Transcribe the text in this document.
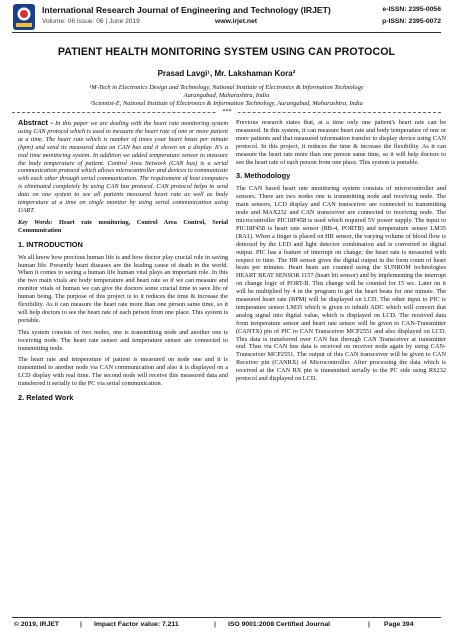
International Research Journal of Engineering and Technology (IRJET)
Volume: 06 Issue: 06 | June 2019	www.irjet.net
e-ISSN: 2395-0056
p-ISSN: 2395-0072
PATIENT HEALTH MONITORING SYSTEM USING CAN PROTOCOL
Prasad Lavgi¹, Mr. Lakshaman Kora²
¹M-Tech in Electronics Design and Technology, National Institute of Electronics & Information Technology
Aurangabad, Maharashtra, India
²Scientist-E, National Institute of Electronics & Information Technology, Aurangabad, Maharashtra, India
***

Abstract - In this paper we are dealing with the heart rate monitoring system using CAN protocol which is used to measure the heart rate of one or more patient at a time. The heart rate which is number of times your heart beats per minute (bpm) and send its measured data on CAN bus and it shown on a display. It's a real time monitoring system. In addition we added temperature sensor to measure the body temperature of patient. Control Area Network (CAN bus) is a serial communication protocol which allows microcontroller and devices to communicate with each other through serial communication. The requirement of host computers is eliminated completely by using CAN bus protocol. CAN protocol helps to send data on one system to see all patients measured heart rate as well as body temperature at a time on single monitor by using serial communication using UART.

Key Words: Heart rate monitoring, Control Area Control, Serial Communication

1. INTRODUCTION

We all know how precious human life is and how doctor play crucial role in saving human life. Presently heart diseases are the leading cause of death in the world. When it comes to saving a human life human vital plays an important role. In this the two main vitals are body temperature and heart rate so if we can measure and monitor vitals of human we can give the doctors some crucial time to save life of human being. The purpose of this project is to it reduces the time & increase the flexibility. As it can measure the heart rate more than one person same time, so it will help doctors to see the heart rate of each person from one place. This system is portable.

This system consists of two nodes, one is transmitting node and another one is receiving node. The heart rate sensor and temperature sensor are connected to transmitting node.

The heart rate and temperature of patient is measured on node one and it is transmitted to another node via CAN communication and also it is displayed on a LCD display with real time. The second node will receive this measured data and transferred it serially to the PC via serial communication.

2. Related Work

Previous research states that, at a time only one patient's heart rate can be measured. In this system, it can measure heart rate and body temperature of one or more patients and that measured information transfer to display device using CAN protocol. In this project, it reduces the time & increase the flexibility. As it can measure the heart rate more than one person same time, so it will help doctors to see the heart rate of each person from one place. This system is portable.

3. Methodology

The CAN based heart rate monitoring system consists of microcontroller and sensors. There are two nodes one is transmitting node and receiving node. The main sensors, LCD display and CAN transceiver are connected to transmitting node and MAX232 and CAN transceiver are connected to receiving node. The microcontroller PIC18F458 is used which required 5V power supply. The input to PIC18F458 is heart rate sensor (RB-4, PORTB) and temperature sensor LM35 (RA1). When a finger is placed on HR sensor, the varying volume of blood flow is detected by the LED and light detector combination and is converted to digital output. PIC has a feature of interrupt on change; the heart rate is measured with respect to time. The HR sensor gives the digital output in the form count of heart beats per minutes. Heart beats are counted using the SUNROM technologies HEART BEAT SENSOR 1157 (heart bit sensor) and by implementing the interrupt on change logic of PORT-B. This change will be counted for 15 sec. Later on it will be multiplied by 4 in the program to get the heart beats for one minute. The measured heart rate (BPM) will be displayed on LCD. The other input to PIC is temperature sensor LM35 which is given to inbuilt ADC which will convert that analog signal into digital value, which is displayed on LCD. The received data from temperature sensor and heart rate sensor will be given to CAN-Transmitter (CANTX) pin of PIC to CAN Transceiver MCP2551 and also displayed on LCD. This data is transferred over CAN bus through CAN Transceiver at transmitter end. Thus via CAN bus data is received on receiver node again by using CAN-Transceiver MCP2551. The output of this CAN transceiver will be given to CAN Receiver pin (CANRX) of Microcontroller. After processing the data which is received at the CAN RX pin is transmitted serially to the PC side using RS232 protocol and displayed on LCD.

© 2019, IRJET	| Impact Factor value: 7.211	| ISO 9001:2008 Certified Journal	| Page 394
